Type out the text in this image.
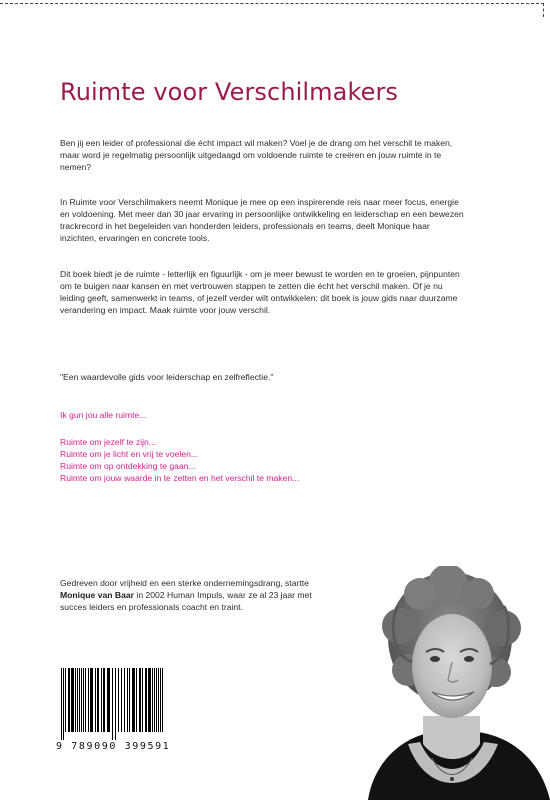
Ruimte voor Verschilmakers

Ben jij een leider of professional die écht impact wil maken? Voel je de drang om het verschil te maken, maar word je regelmatig persoonlijk uitgedaagd om voldoende ruimte te creëren en jouw ruimte in te nemen?

In Ruimte voor Verschilmakers neemt Monique je mee op een inspirerende reis naar meer focus, energie en voldoening. Met meer dan 30 jaar ervaring in persoonlijke ontwikkeling en leiderschap en een bewezen trackrecord in het begeleiden van honderden leiders, professionals en teams, deelt Monique haar inzichten, ervaringen en concrete tools.

Dit boek biedt je de ruimte - letterlijk en figuurlijk - om je meer bewust te worden en te groeien, pijnpunten om te buigen naar kansen en met vertrouwen stappen te zetten die écht het verschil maken. Of je nu leiding geeft, samenwerkt in teams, of jezelf verder wilt ontwikkelen: dit boek is jouw gids naar duurzame verandering en impact. Maak ruimte voor jouw verschil.

"Een waardevolle gids voor leiderschap en zelfreflectie."

Ik gun jou alle ruimte...

Ruimte om jezelf te zijn...
Ruimte om je licht en vrij te voelen...
Ruimte om op ontdekking te gaan...
Ruimte om jouw waarde in te zetten en het verschil te maken...

Gedreven door vrijheid en een sterke ondernemingsdrang, startte Monique van Baar in 2002 Human Impuls, waar ze al 23 jaar met succes leiders en professionals coacht en traint.

9 789090 399591
